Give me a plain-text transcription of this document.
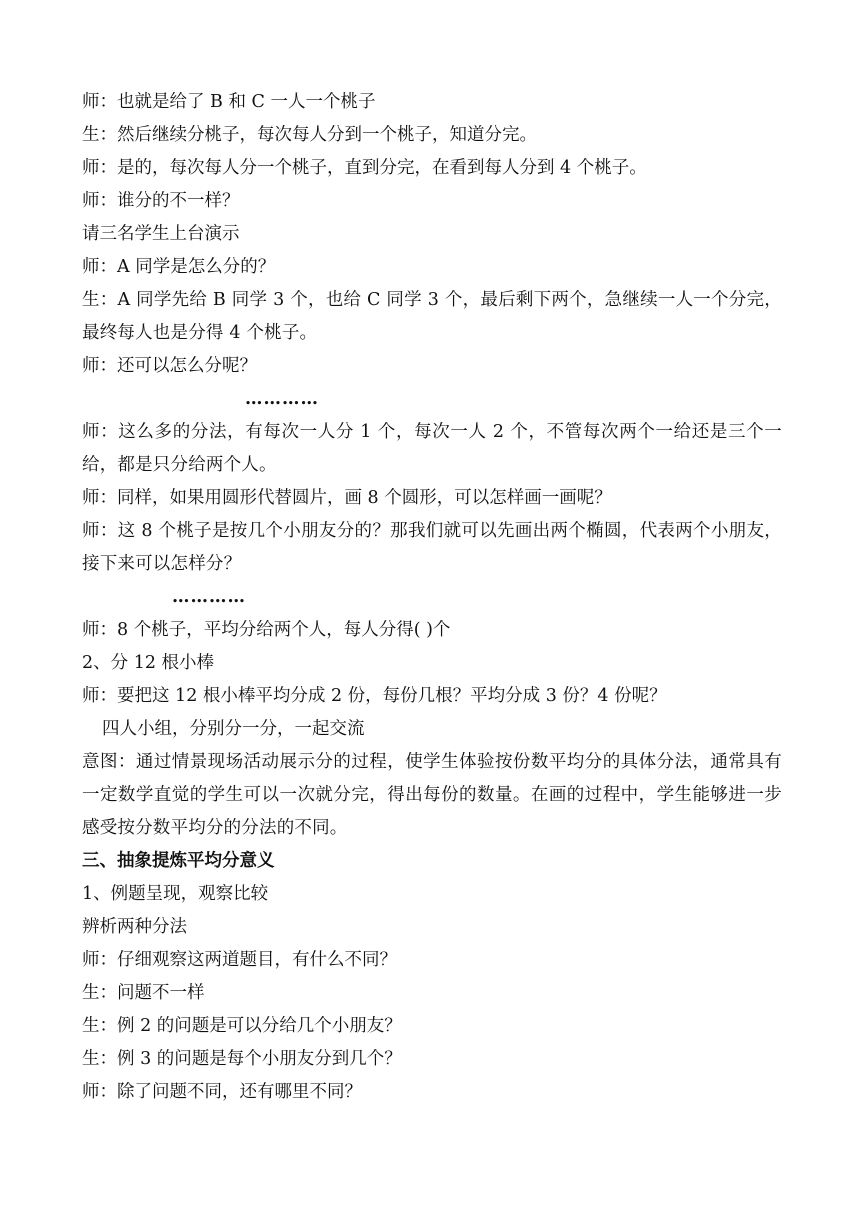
师：也就是给了 B 和 C 一人一个桃子

生：然后继续分桃子，每次每人分到一个桃子，知道分完。

师：是的，每次每人分一个桃子，直到分完，在看到每人分到 4 个桃子。

师：谁分的不一样？

请三名学生上台演示

师：A 同学是怎么分的？

生：A 同学先给 B 同学 3 个，也给 C 同学 3 个，最后剩下两个，急继续一人一个分完，最终每人也是分得 4 个桃子。

师：还可以怎么分呢？

…………

师：这么多的分法，有每次一人分 1 个，每次一人 2 个，不管每次两个一给还是三个一给，都是只分给两个人。

师：同样，如果用圆形代替圆片，画 8 个圆形，可以怎样画一画呢？

师：这 8 个桃子是按几个小朋友分的？那我们就可以先画出两个椭圆，代表两个小朋友，接下来可以怎样分？

…………

师：8 个桃子，平均分给两个人，每人分得( )个

2、分 12 根小棒

师：要把这 12 根小棒平均分成 2 份，每份几根？平均分成 3 份？4 份呢？

四人小组，分别分一分，一起交流

意图：通过情景现场活动展示分的过程，使学生体验按份数平均分的具体分法，通常具有一定数学直觉的学生可以一次就分完，得出每份的数量。在画的过程中，学生能够进一步感受按分数平均分的分法的不同。

三、抽象提炼平均分意义

1、例题呈现，观察比较

辨析两种分法

师：仔细观察这两道题目，有什么不同？

生：问题不一样

生：例 2 的问题是可以分给几个小朋友？

生：例 3 的问题是每个小朋友分到几个？

师：除了问题不同，还有哪里不同？
